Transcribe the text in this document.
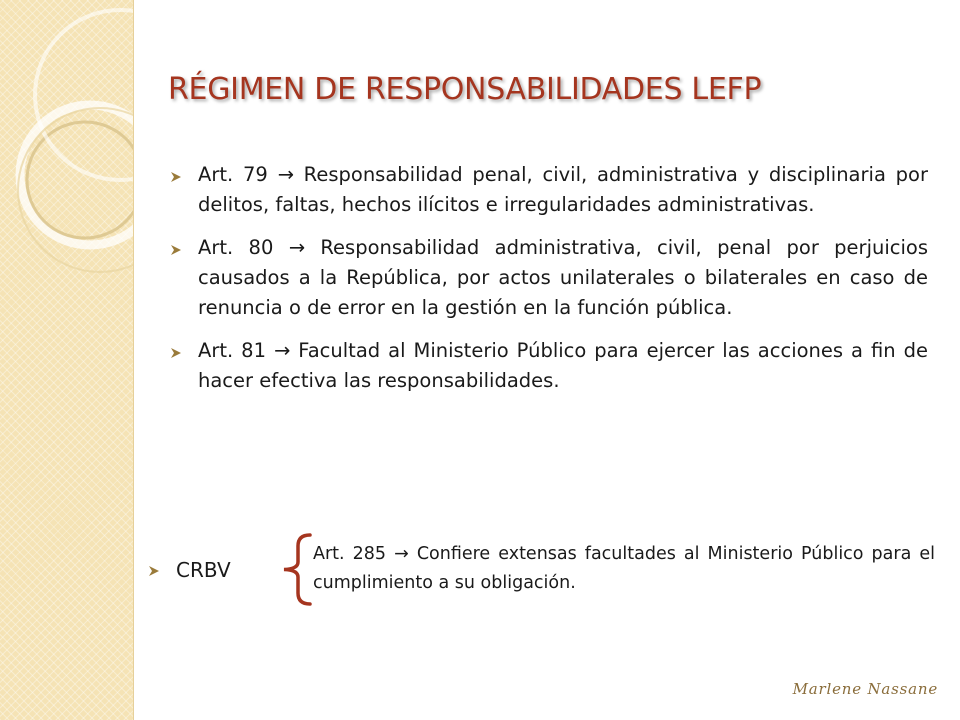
RÉGIMEN DE RESPONSABILIDADES LEFP
Art. 79 → Responsabilidad penal, civil, administrativa y disciplinaria por delitos, faltas, hechos ilícitos e irregularidades administrativas.
Art. 80 → Responsabilidad administrativa, civil, penal por perjuicios causados a la República, por actos unilaterales o bilaterales en caso de renuncia o de error en la gestión en la función pública.
Art. 81 → Facultad al Ministerio Público para ejercer las acciones a fin de hacer efectiva las responsabilidades.
CRBV
Art. 285 → Confiere extensas facultades al Ministerio Público para el cumplimiento a su obligación.
Marlene Nassane
